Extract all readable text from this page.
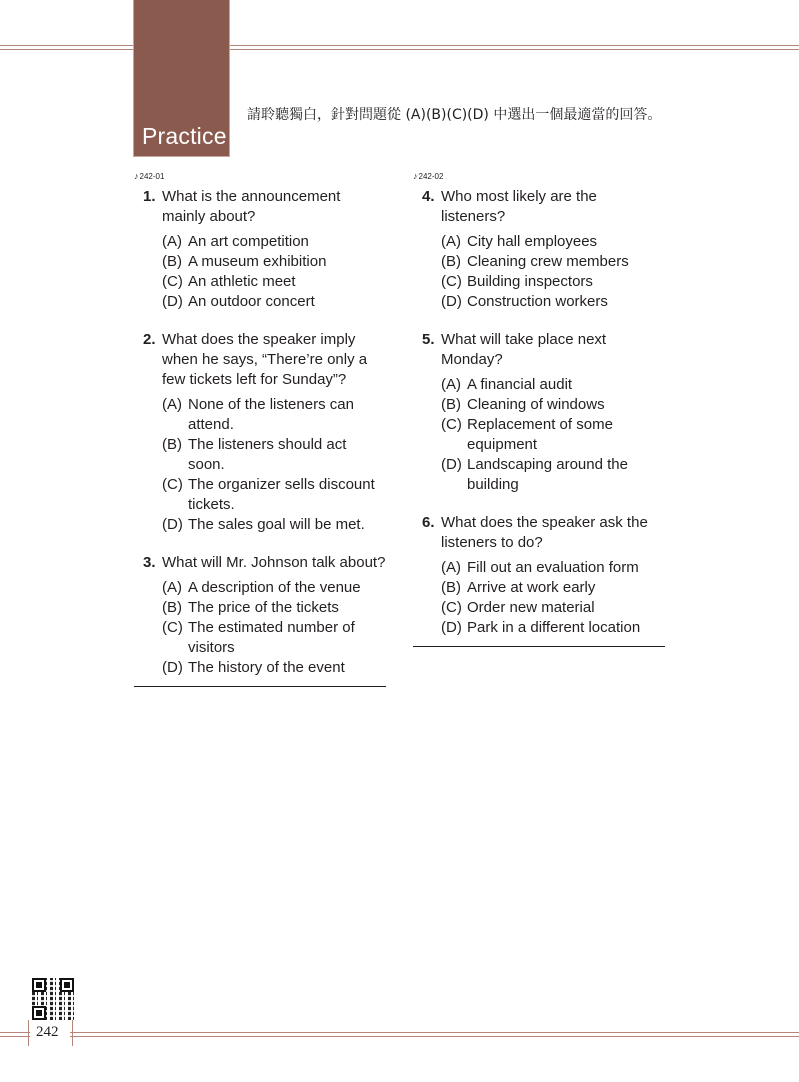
Practice
請聆聽獨白，針對問題從 (A)(B)(C)(D) 中選出一個最適當的回答。
♪242-01
1. What is the announcement mainly about?

(A) An art competition
(B) A museum exhibition
(C) An athletic meet
(D) An outdoor concert
2. What does the speaker imply when he says, “There’re only a few tickets left for Sunday”?

(A) None of the listeners can attend.
(B) The listeners should act soon.
(C) The organizer sells discount tickets.
(D) The sales goal will be met.
3. What will Mr. Johnson talk about?

(A) A description of the venue
(B) The price of the tickets
(C) The estimated number of visitors
(D) The history of the event
♪242-02
4. Who most likely are the listeners?

(A) City hall employees
(B) Cleaning crew members
(C) Building inspectors
(D) Construction workers
5. What will take place next Monday?

(A) A financial audit
(B) Cleaning of windows
(C) Replacement of some equipment
(D) Landscaping around the building
6. What does the speaker ask the listeners to do?

(A) Fill out an evaluation form
(B) Arrive at work early
(C) Order new material
(D) Park in a different location
242
